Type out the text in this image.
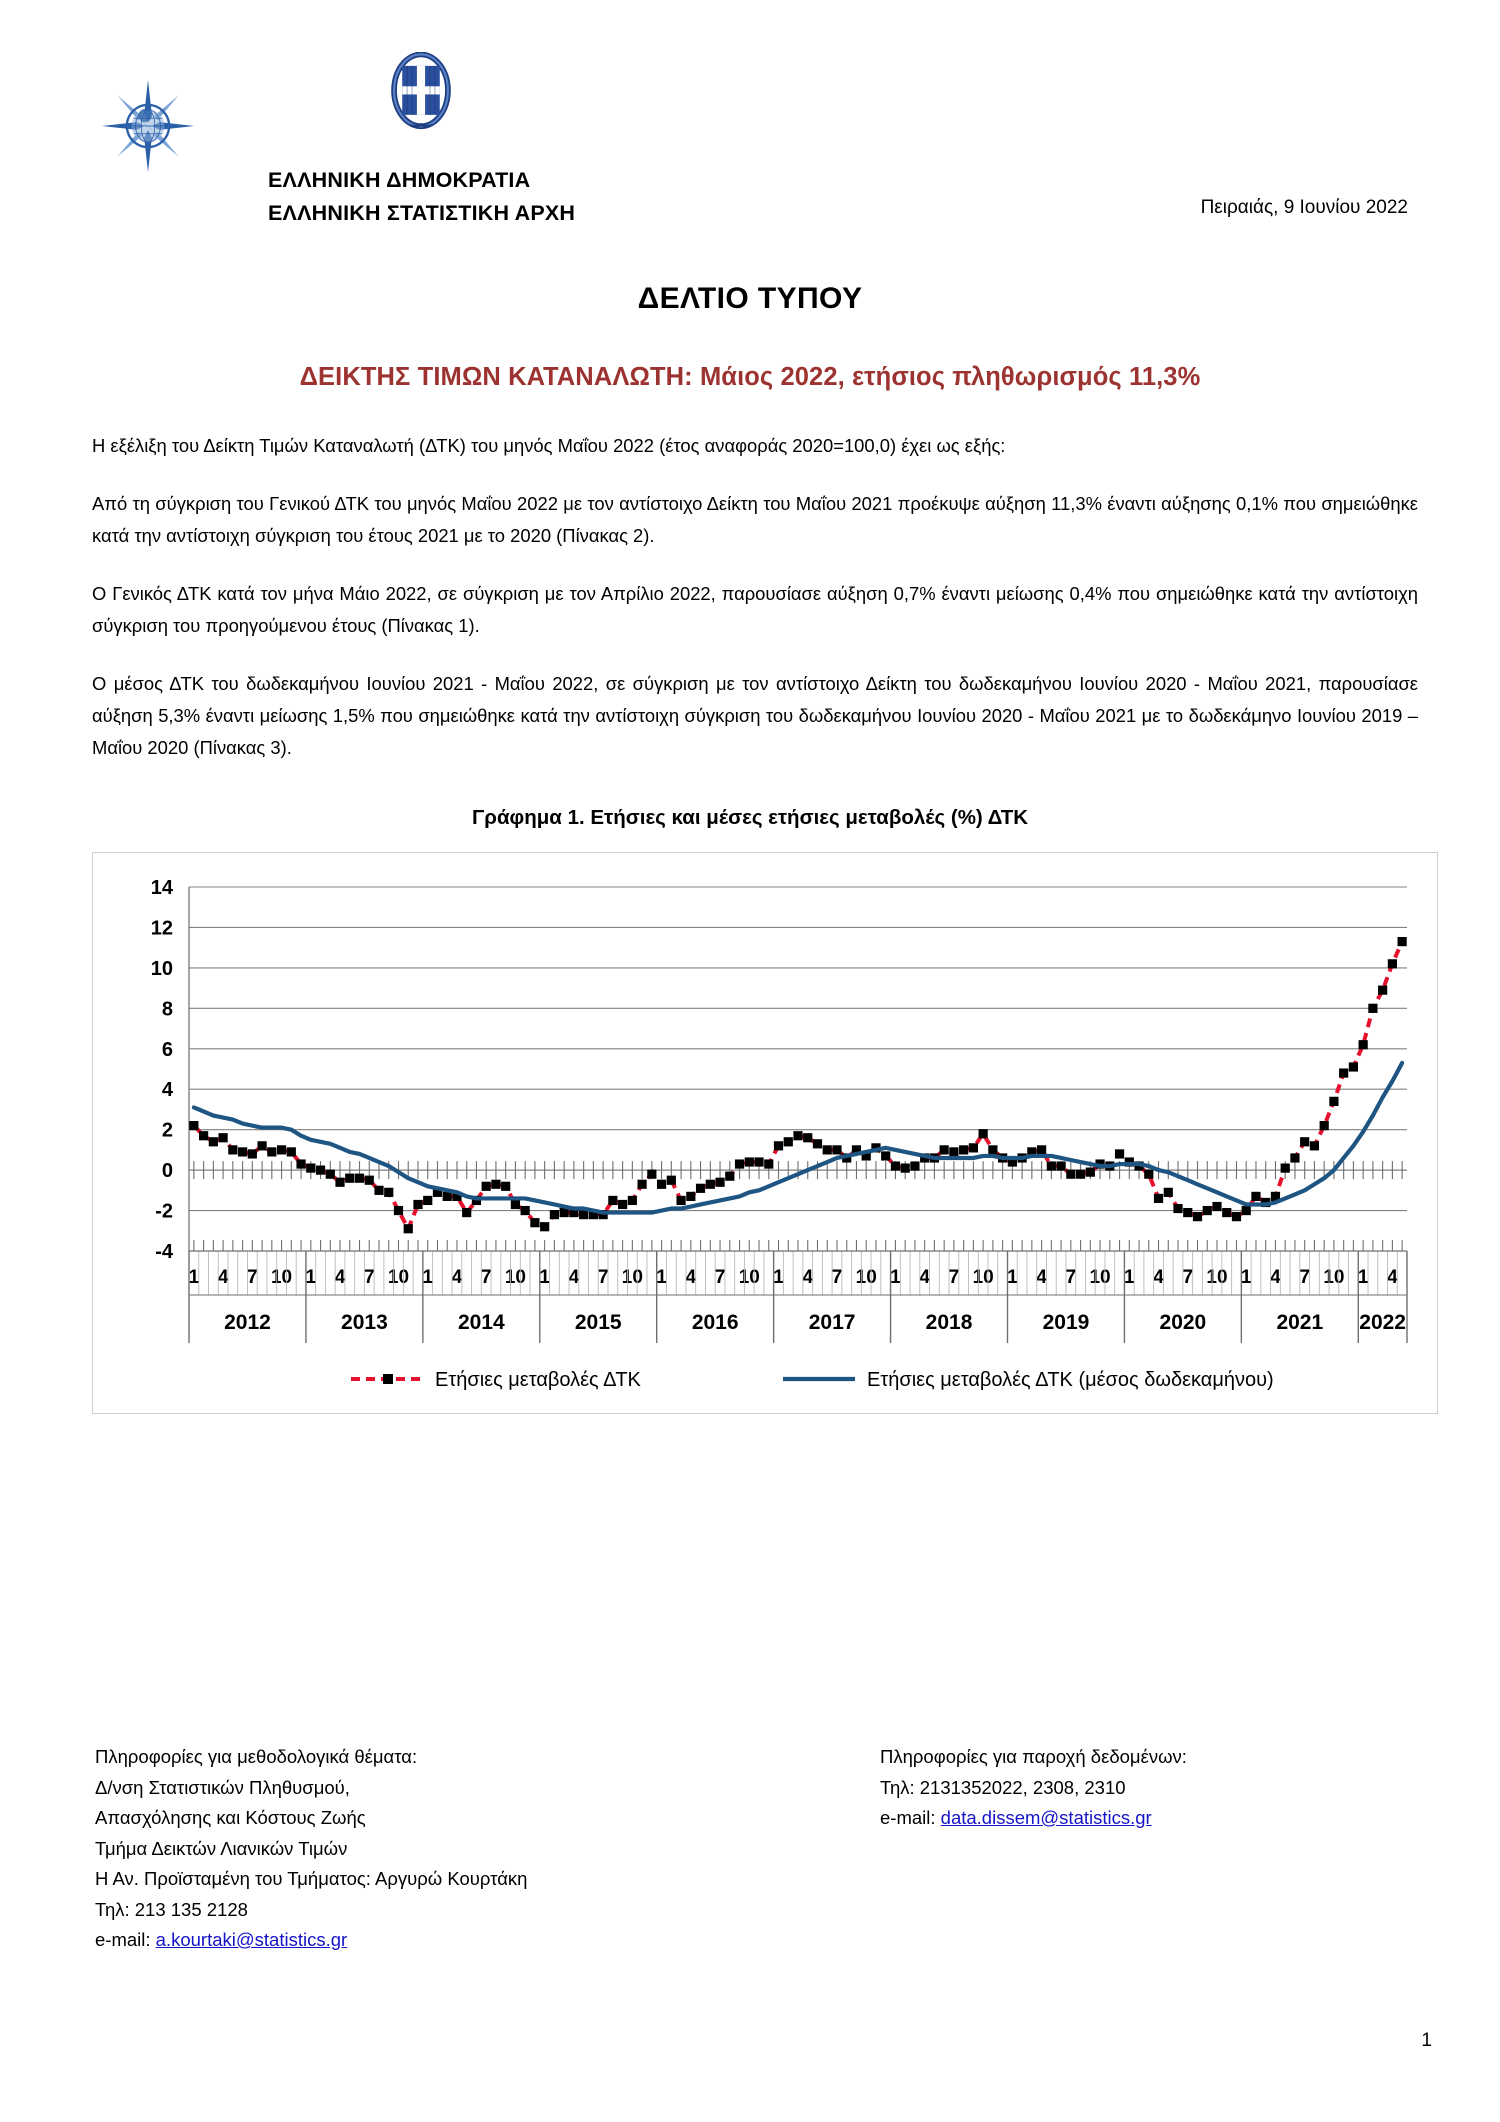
ΕΛΛΗΝΙΚΗ ΔΗΜΟΚΡΑΤΙΑ
ΕΛΛΗΝΙΚΗ ΣΤΑΤΙΣΤΙΚΗ ΑΡΧΗ	Πειραιάς, 9 Ιουνίου 2022
ΔΕΛΤΙΟ ΤΥΠΟΥ
ΔΕΙΚΤΗΣ ΤΙΜΩΝ ΚΑΤΑΝΑΛΩΤΗ: Μάιος 2022, ετήσιος πληθωρισμός 11,3%

Η εξέλιξη του Δείκτη Τιμών Καταναλωτή (ΔΤΚ) του μηνός Μαΐου 2022 (έτος αναφοράς 2020=100,0) έχει ως εξής:

Από τη σύγκριση του Γενικού ΔΤΚ του μηνός Μαΐου 2022 με τον αντίστοιχο Δείκτη του Μαΐου 2021 προέκυψε αύξηση 11,3% έναντι αύξησης 0,1% που σημειώθηκε κατά την αντίστοιχη σύγκριση του έτους 2021 με το 2020 (Πίνακας 2).

Ο Γενικός ΔΤΚ κατά τον μήνα Μάιο 2022, σε σύγκριση με τον Απρίλιο 2022, παρουσίασε αύξηση 0,7% έναντι μείωσης 0,4% που σημειώθηκε κατά την αντίστοιχη σύγκριση του προηγούμενου έτους (Πίνακας 1).

Ο μέσος ΔΤΚ του δωδεκαμήνου Ιουνίου 2021 - Μαΐου 2022, σε σύγκριση με τον αντίστοιχο Δείκτη του δωδεκαμήνου Ιουνίου 2020 - Μαΐου 2021, παρουσίασε αύξηση 5,3% έναντι μείωσης 1,5% που σημειώθηκε κατά την αντίστοιχη σύγκριση του δωδεκαμήνου Ιουνίου 2020 - Μαΐου 2021 με το δωδεκάμηνο Ιουνίου 2019 – Μαΐου 2020 (Πίνακας 3).

Γράφημα 1. Ετήσιες και μέσες ετήσιες μεταβολές (%) ΔΤΚ
-4
-2
0
2
4
6
8
10
12
14
1 4 7 10
2012
1 4 7 10
2013
1 4 7 10
2014
1 4 7 10
2015
1 4 7 10
2016
1 4 7 10
2017
1 4 7 10
2018
1 4 7 10
2019
1 4 7 10
2020
1 4 7 10
2021
1 4
2022
Ετήσιες μεταβολές ΔΤΚ	Ετήσιες μεταβολές ΔΤΚ (μέσος δωδεκαμήνου)
Πληροφορίες για μεθοδολογικά θέματα:
Δ/νση Στατιστικών Πληθυσμού,
Απασχόλησης και Κόστους Ζωής
Τμήμα Δεικτών Λιανικών Τιμών
Η Αν. Προϊσταμένη του Τμήματος: Αργυρώ Κουρτάκη
Τηλ: 213 135 2128
e-mail: a.kourtaki@statistics.gr
Πληροφορίες για παροχή δεδομένων:
Τηλ: 2131352022, 2308, 2310
e-mail: data.dissem@statistics.gr
1
